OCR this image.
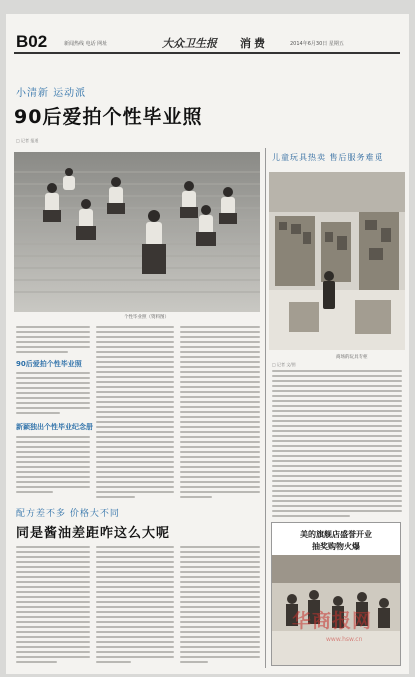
B02	新闻热线 电话 网址	大众卫生报 消费	2014年6月30日 星期五
小清新 运动派
90后爱拍个性毕业照
□ 记者 报道
个性毕业照（资料图）
90后爱拍个性毕业照
新颖独出个性毕业纪念册
配方差不多 价格大不同
同是酱油差距咋这么大呢
儿童玩具热卖 售后服务难觅
商场的玩具专柜
□ 记者 文/图
美的旗舰店盛誉开业
抽奖购物火爆
华商报网
www.hsw.cn
